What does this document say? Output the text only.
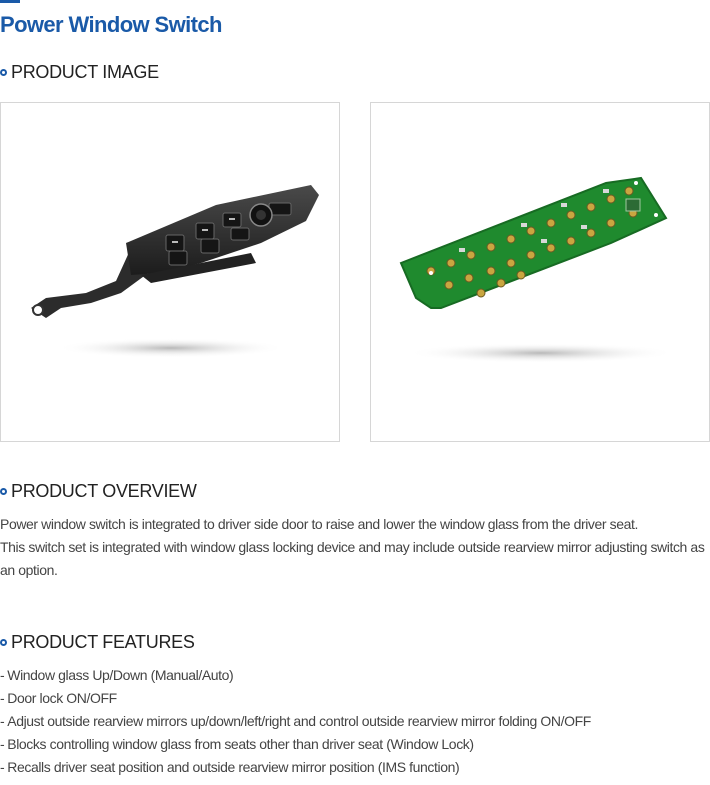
Power Window Switch
PRODUCT IMAGE
PRODUCT OVERVIEW

Power window switch is integrated to driver side door to raise and lower the window glass from the driver seat.

This switch set is integrated with window glass locking device and may include outside rearview mirror adjusting switch as an option.

PRODUCT FEATURES
- Window glass Up/Down (Manual/Auto)
- Door lock ON/OFF
- Adjust outside rearview mirrors up/down/left/right and control outside rearview mirror folding ON/OFF
- Blocks controlling window glass from seats other than driver seat (Window Lock)
- Recalls driver seat position and outside rearview mirror position (IMS function)
